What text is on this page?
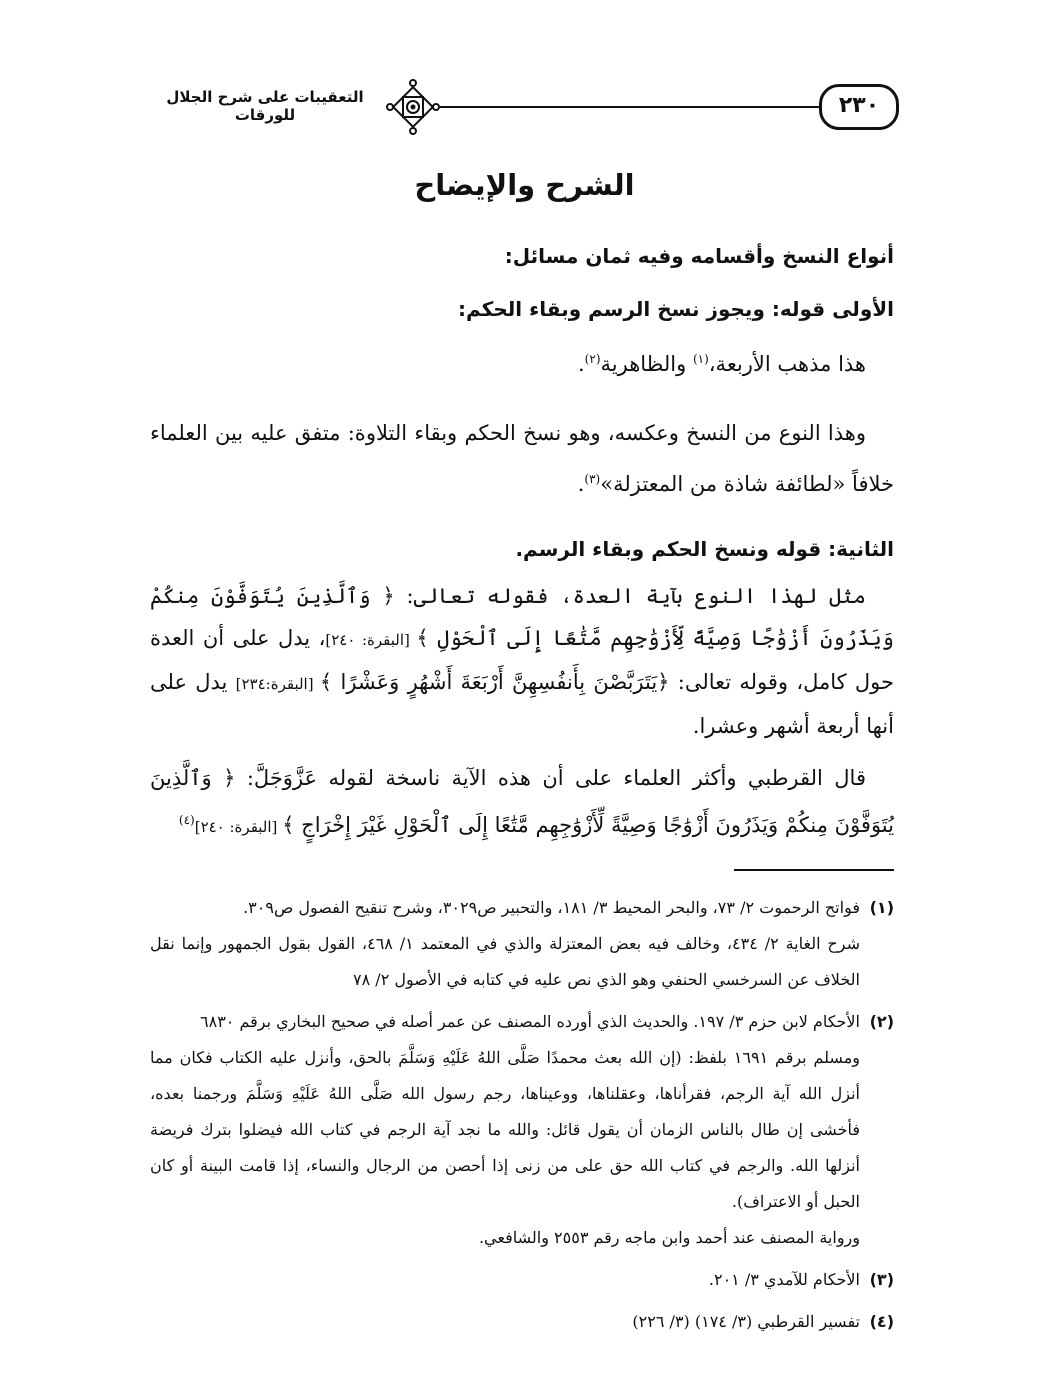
التعقيبات على شرح الجلال للورقات	٢٣٠
الشرح والإيضاح

أنواع النسخ وأقسامه وفيه ثمان مسائل:

الأولى قوله: ويجوز نسخ الرسم وبقاء الحكم:

هذا مذهب الأربعة،$^{(١)}$ والظاهرية$^{(٢)}$.

وهذا النوع من النسخ وعكسه، وهو نسخ الحكم وبقاء التلاوة: متفق عليه بين العلماء خلافاً «لطائفة شاذة من المعتزلة»$^{(٣)}$.

الثانية: قوله ونسخ الحكم وبقاء الرسم.

مثل لهذا النوع بآية العدة، فقوله تعالى: ﴿ وَٱلَّذِينَ يُتَوَفَّوْنَ مِنكُمْ وَيَذَرُونَ أَزْوَٰجًا وَصِيَّةً لِّأَزْوَٰجِهِم مَّتَٰعًا إِلَى ٱلْحَوْلِ ﴾ [البقرة: ٢٤٠]، يدل على أن العدة حول كامل، وقوله تعالى: ﴿يَتَرَبَّصْنَ بِأَنفُسِهِنَّ أَرْبَعَةَ أَشْهُرٍ وَعَشْرًا ﴾ [البقرة:٢٣٤] يدل على أنها أربعة أشهر وعشرا.

قال القرطبي وأكثر العلماء على أن هذه الآية ناسخة لقوله عَزَّوَجَلَّ: ﴿ وَٱلَّذِينَ يُتَوَفَّوْنَ مِنكُمْ وَيَذَرُونَ أَزْوَٰجًا وَصِيَّةً لِّأَزْوَٰجِهِم مَّتَٰعًا إِلَى ٱلْحَوْلِ غَيْرَ إِخْرَاجٍ ﴾ [البقرة: ٢٤٠]$^{(٤)}$

(١)فواتح الرحموت ٢/ ٧٣، والبحر المحيط ٣/ ١٨١، والتحبير ص٣٠٢٩، وشرح تنقيح الفصول ص٣٠٩.
شرح الغاية ٢/ ٤٣٤، وخالف فيه بعض المعتزلة والذي في المعتمد ١/ ٤٦٨، القول بقول الجمهور وإنما نقل الخلاف عن السرخسي الحنفي وهو الذي نص عليه في كتابه في الأصول ٢/ ٧٨

(٢)الأحكام لابن حزم ٣/ ١٩٧. والحديث الذي أورده المصنف عن عمر أصله في صحيح البخاري برقم ٦٨٣٠
ومسلم برقم ١٦٩١ بلفظ: (إن الله بعث محمدًا صَلَّى اللهُ عَلَيْهِ وَسَلَّمَ بالحق، وأنزل عليه الكتاب فكان مما أنزل الله آية الرجم، فقرأناها، وعقلناها، ووعيناها، رجم رسول الله صَلَّى اللهُ عَلَيْهِ وَسَلَّمَ ورجمنا بعده، فأخشى إن طال بالناس الزمان أن يقول قائل: والله ما نجد آية الرجم في كتاب الله فيضلوا بترك فريضة أنزلها الله. والرجم في كتاب الله حق على من زنى إذا أحصن من الرجال والنساء، إذا قامت البينة أو كان الحبل أو الاعتراف).
ورواية المصنف عند أحمد وابن ماجه رقم ٢٥٥٣ والشافعي.

(٣)الأحكام للآمدي ٣/ ٢٠١.

(٤)تفسير القرطبي (٣/ ١٧٤) (٣/ ٢٢٦)
